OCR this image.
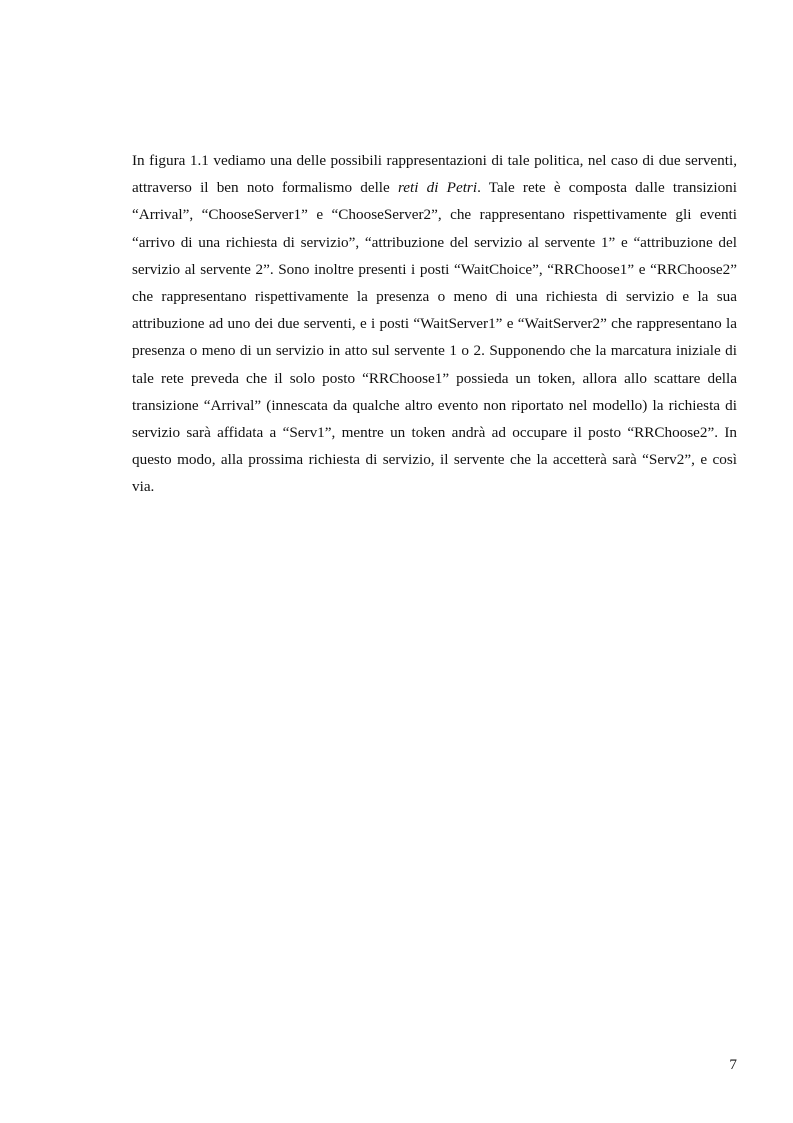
In figura 1.1 vediamo una delle possibili rappresentazioni di tale politica, nel caso di due serventi, attraverso il ben noto formalismo delle reti di Petri. Tale rete è composta dalle transizioni “Arrival”, “ChooseServer1” e “ChooseServer2”, che rappresentano rispettivamente gli eventi “arrivo di una richiesta di servizio”, “attribuzione del servizio al servente 1” e “attribuzione del servizio al servente 2”. Sono inoltre presenti i posti “WaitChoice”, “RRChoose1” e “RRChoose2” che rappresentano rispettivamente la presenza o meno di una richiesta di servizio e la sua attribuzione ad uno dei due serventi, e i posti “WaitServer1” e “WaitServer2” che rappresentano la presenza o meno di un servizio in atto sul servente 1 o 2. Supponendo che la marcatura iniziale di tale rete preveda che il solo posto “RRChoose1” possieda un token, allora allo scattare della transizione “Arrival” (innescata da qualche altro evento non riportato nel modello) la richiesta di servizio sarà affidata a “Serv1”, mentre un token andrà ad occupare il posto “RRChoose2”. In questo modo, alla prossima richiesta di servizio, il servente che la accetterà sarà “Serv2”, e così via.

7
